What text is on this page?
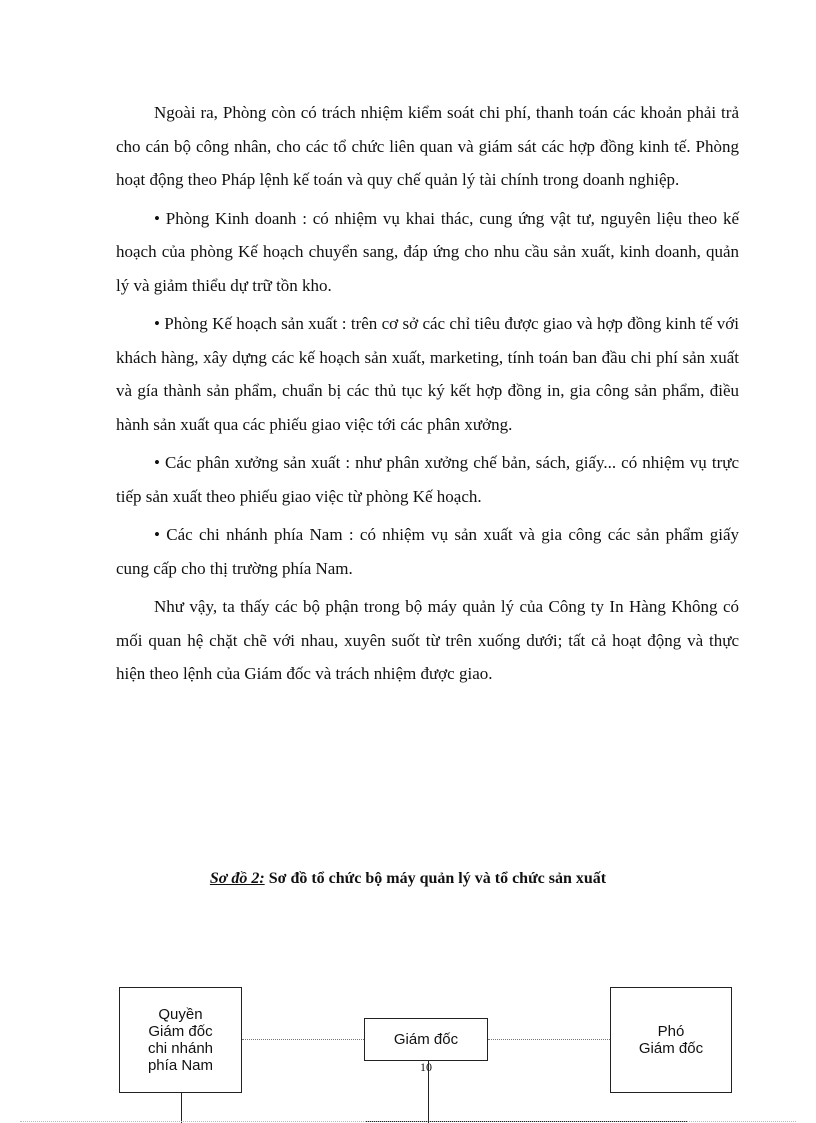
Ngoài ra, Phòng còn có trách nhiệm kiểm soát chi phí, thanh toán các khoản phải trả cho cán bộ công nhân, cho các tổ chức liên quan và giám sát các hợp đồng kinh tế. Phòng hoạt động theo Pháp lệnh kế toán và quy chế quản lý tài chính trong doanh nghiệp.

• Phòng Kinh doanh : có nhiệm vụ khai thác, cung ứng vật tư, nguyên liệu theo kế hoạch của phòng Kế hoạch chuyển sang, đáp ứng cho nhu cầu sản xuất, kinh doanh, quản lý và giảm thiểu dự trữ tồn kho.

• Phòng Kế hoạch sản xuất : trên cơ sở các chỉ tiêu được giao và hợp đồng kinh tế với khách hàng, xây dựng các kế hoạch sản xuất, marketing, tính toán ban đầu chi phí sản xuất và gía thành sản phẩm, chuẩn bị các thủ tục ký kết hợp đồng in, gia công sản phẩm, điều hành sản xuất qua các phiếu giao việc tới các phân xưởng.

• Các phân xưởng sản xuất : như phân xưởng chế bản, sách, giấy... có nhiệm vụ trực tiếp sản xuất theo phiếu giao việc từ phòng Kế hoạch.

• Các chi nhánh phía Nam : có nhiệm vụ sản xuất và gia công các sản phẩm giấy cung cấp cho thị trường phía Nam.

Như vậy, ta thấy các bộ phận trong bộ máy quản lý của Công ty In Hàng Không có mối quan hệ chặt chẽ với nhau, xuyên suốt từ trên xuống dưới; tất cả hoạt động và thực hiện theo lệnh của Giám đốc và trách nhiệm được giao.

Sơ đồ 2: Sơ đồ tổ chức bộ máy quản lý và tổ chức sản xuất
Quyền
Giám đốc
chi nhánh
phía Nam
Giám đốc	Phó
Giám đốc
10
